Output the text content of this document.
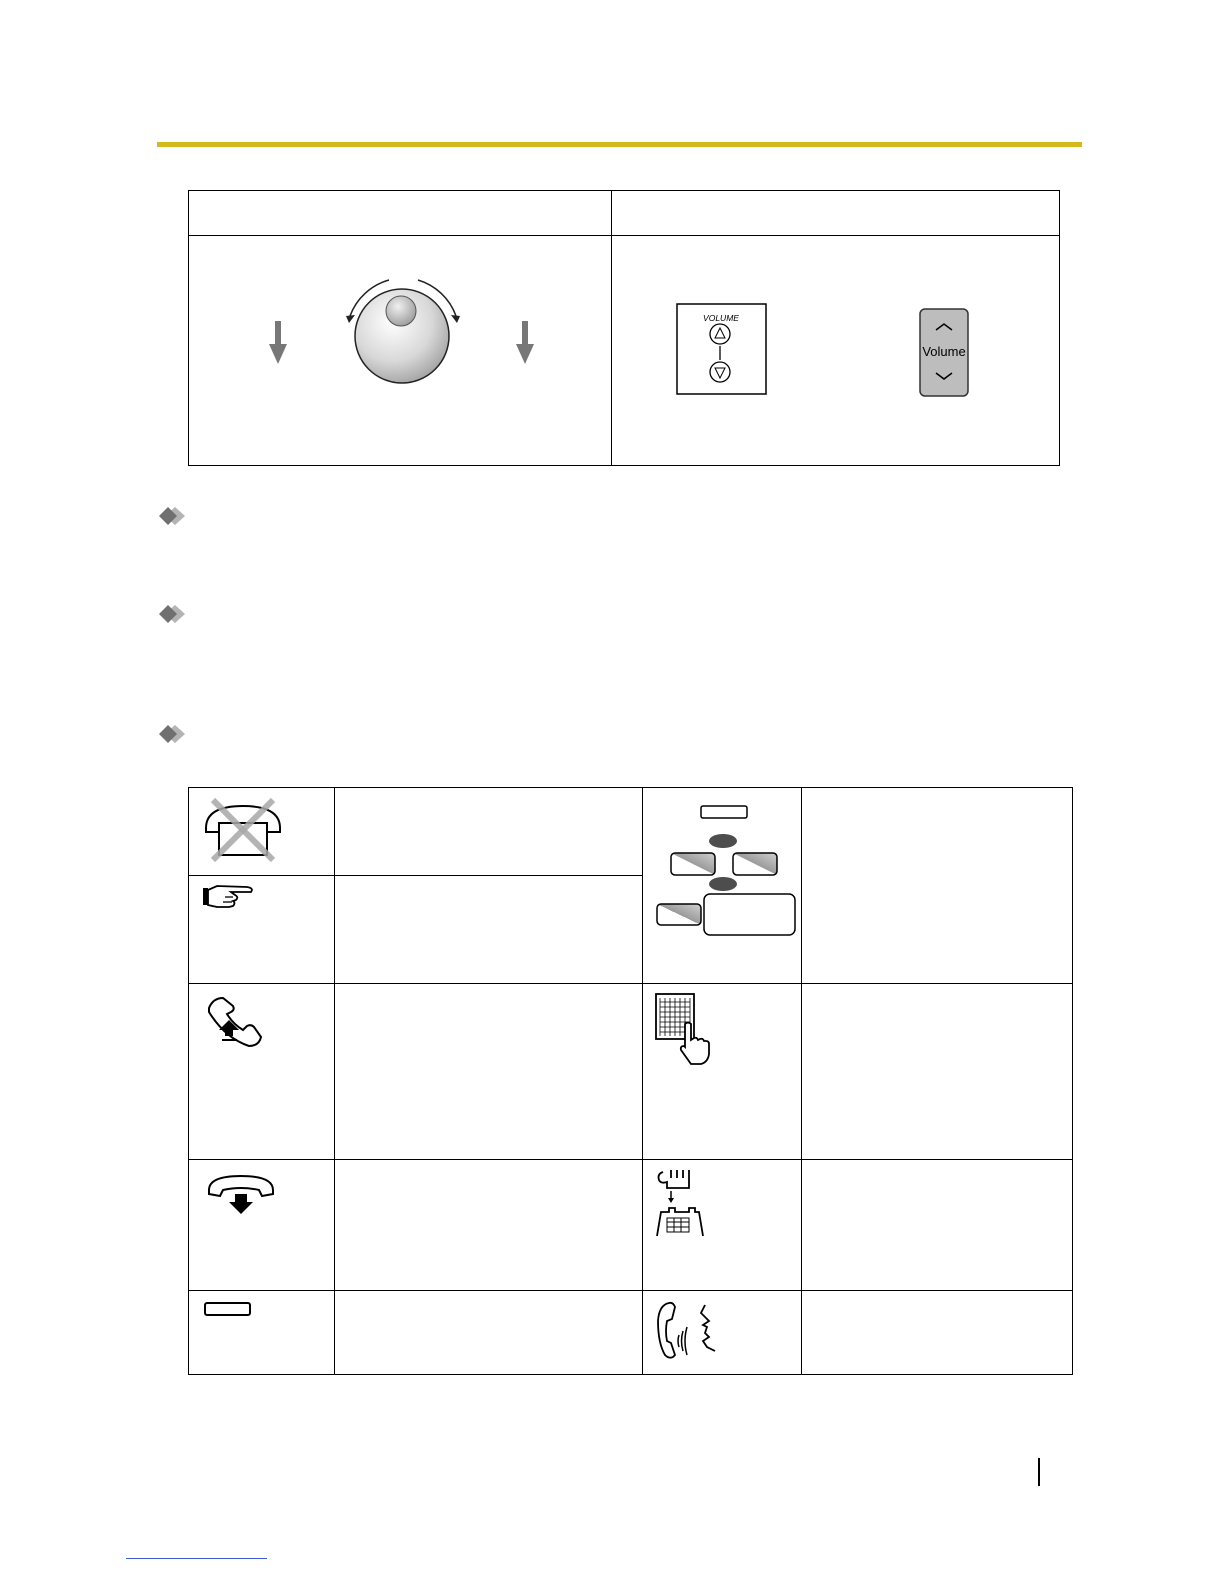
VOLUME
Volume
